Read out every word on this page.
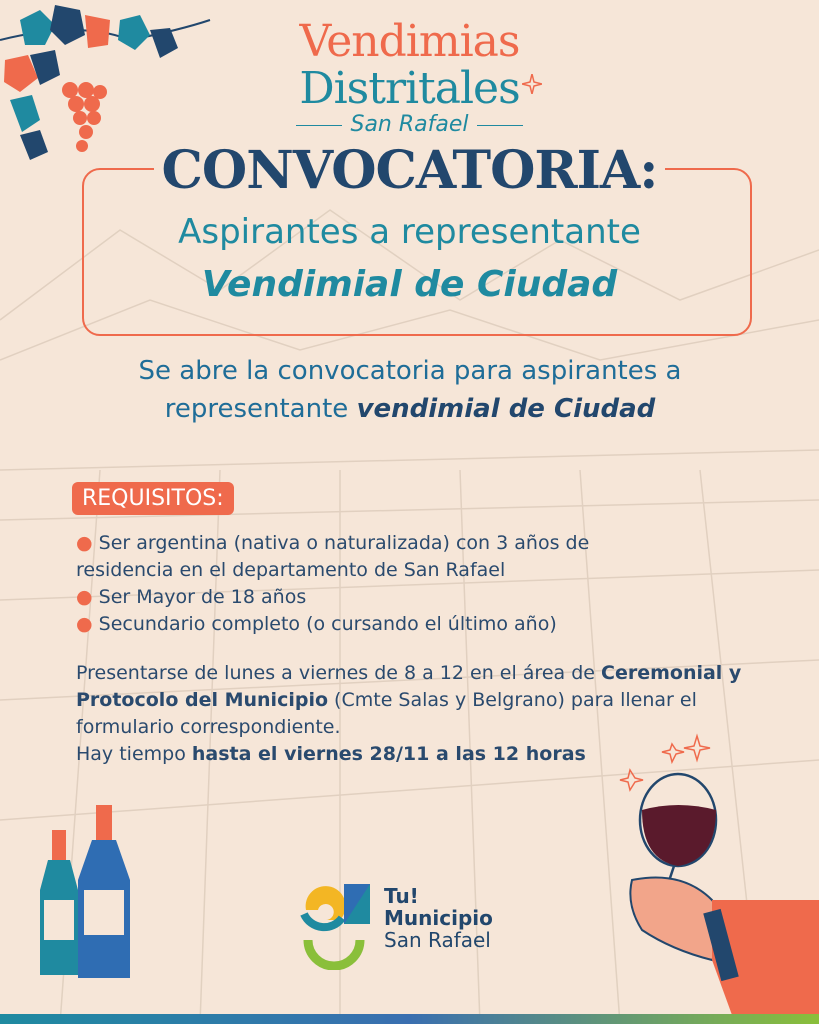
Vendimias
Distritales
San Rafael
CONVOCATORIA:
Aspirantes a representante
Vendimial de Ciudad
Se abre la convocatoria para aspirantes a
representante vendimial de Ciudad
REQUISITOS:
● Ser argentina (nativa o naturalizada) con 3 años de residencia en el departamento de San Rafael
● Ser Mayor de 18 años
● Secundario completo (o cursando el último año)
Presentarse de lunes a viernes de 8 a 12 en el área de Ceremonial y Protocolo del Municipio (Cmte Salas y Belgrano) para llenar el formulario correspondiente.
Hay tiempo hasta el viernes 28/11 a las 12 horas
Tu!
Municipio
San Rafael
